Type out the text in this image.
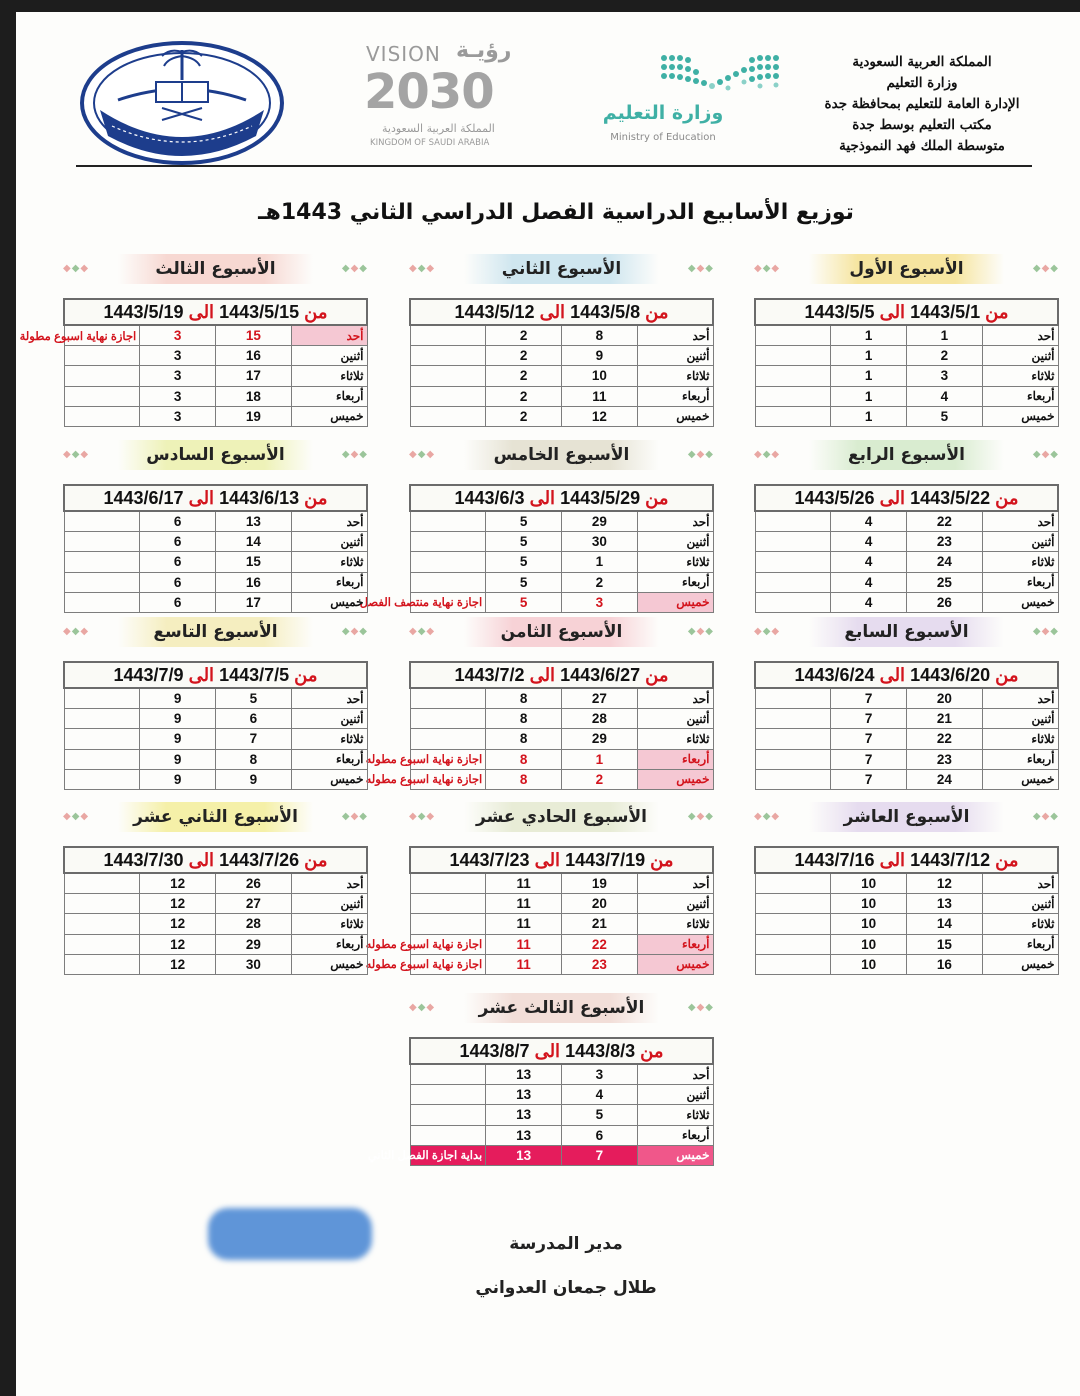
المملكة العربية السعودية
وزارة التعليم
الإدارة العامة للتعليم بمحافظة جدة
مكتب التعليم بوسط جدة
متوسطة الملك فهد النموذجية
وزارة التعليم
Ministry of Education
VISION رؤيـة
2030
المملكة العربية السعودية
KINGDOM OF SAUDI ARABIA
توزيع الأسابيع الدراسية الفصل الدراسي الثاني 1443هـ
◆◆◆
الأسبوع الأول
◆◆◆
من 1443/5/1 الى 1443/5/5			
أحد	1	1	
أثنين	2	1	
ثلاثاء	3	1	
أربعاء	4	1	
خميس	5	1	
◆◆◆
الأسبوع الثاني
◆◆◆
من 1443/5/8 الى 1443/5/12			
أحد	8	2	
أثنين	9	2	
ثلاثاء	10	2	
أربعاء	11	2	
خميس	12	2	
◆◆◆
الأسبوع الثالث
◆◆◆
من 1443/5/15 الى 1443/5/19			
أحد	15	3	اجازة نهاية اسبوع مطولة
أثنين	16	3	
ثلاثاء	17	3	
أربعاء	18	3	
خميس	19	3	
◆◆◆
الأسبوع الرابع
◆◆◆
من 1443/5/22 الى 1443/5/26			
أحد	22	4	
أثنين	23	4	
ثلاثاء	24	4	
أربعاء	25	4	
خميس	26	4	
◆◆◆
الأسبوع الخامس
◆◆◆
من 1443/5/29 الى 1443/6/3			
أحد	29	5	
أثنين	30	5	
ثلاثاء	1	5	
أربعاء	2	5	
خميس	3	5	اجازة نهاية منتصف الفصل
◆◆◆
الأسبوع السادس
◆◆◆
من 1443/6/13 الى 1443/6/17			
أحد	13	6	
أثنين	14	6	
ثلاثاء	15	6	
أربعاء	16	6	
خميس	17	6	
◆◆◆
الأسبوع السابع
◆◆◆
من 1443/6/20 الى 1443/6/24			
أحد	20	7	
أثنين	21	7	
ثلاثاء	22	7	
أربعاء	23	7	
خميس	24	7	
◆◆◆
الأسبوع الثامن
◆◆◆
من 1443/6/27 الى 1443/7/2			
أحد	27	8	
أثنين	28	8	
ثلاثاء	29	8	
أربعاء	1	8	اجازة نهاية اسبوع مطوله
خميس	2	8	اجازة نهاية اسبوع مطوله
◆◆◆
الأسبوع التاسع
◆◆◆
من 1443/7/5 الى 1443/7/9			
أحد	5	9	
أثنين	6	9	
ثلاثاء	7	9	
أربعاء	8	9	
خميس	9	9	
◆◆◆
الأسبوع العاشر
◆◆◆
من 1443/7/12 الى 1443/7/16			
أحد	12	10	
أثنين	13	10	
ثلاثاء	14	10	
أربعاء	15	10	
خميس	16	10	
◆◆◆
الأسبوع الحادي عشر
◆◆◆
من 1443/7/19 الى 1443/7/23			
أحد	19	11	
أثنين	20	11	
ثلاثاء	21	11	
أربعاء	22	11	اجازة نهاية اسبوع مطوله
خميس	23	11	اجازة نهاية اسبوع مطوله
◆◆◆
الأسبوع الثاني عشر
◆◆◆
من 1443/7/26 الى 1443/7/30			
أحد	26	12	
أثنين	27	12	
ثلاثاء	28	12	
أربعاء	29	12	
خميس	30	12	
◆◆◆
الأسبوع الثالث عشر
◆◆◆
من 1443/8/3 الى 1443/8/7			
أحد	3	13	
أثنين	4	13	
ثلاثاء	5	13	
أربعاء	6	13	
خميس	7	13	بداية اجازة الفصل الثاني
مدير المدرسة
طلال جمعان العدواني
